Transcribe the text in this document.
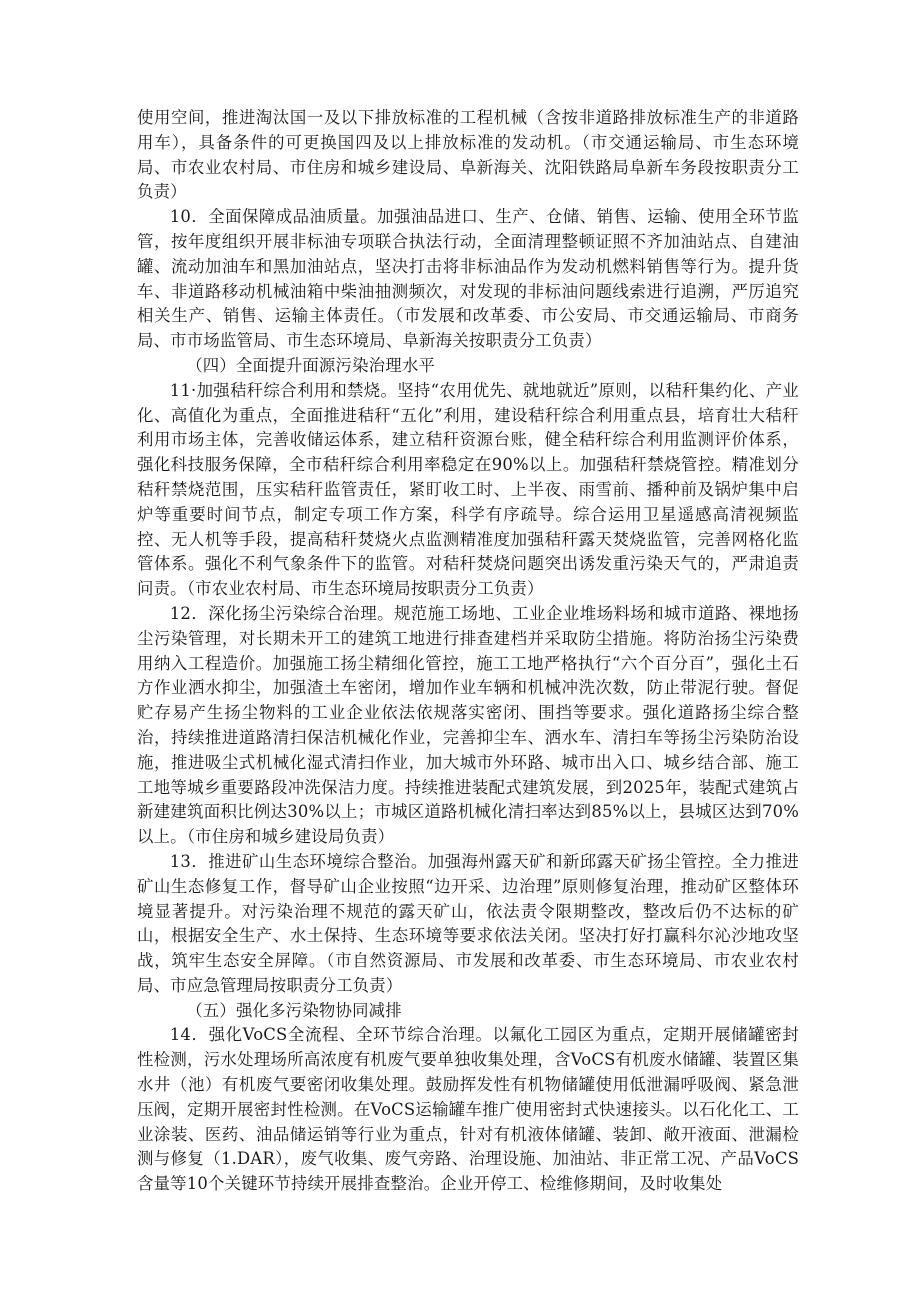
使用空间，推进淘汰国一及以下排放标准的工程机械（含按非道路排放标准生产的非道路用车），具备条件的可更换国四及以上排放标准的发动机。（市交通运输局、市生态环境局、市农业农村局、市住房和城乡建设局、阜新海关、沈阳铁路局阜新车务段按职责分工负责）

10．全面保障成品油质量。加强油品进口、生产、仓储、销售、运输、使用全环节监管，按年度组织开展非标油专项联合执法行动，全面清理整顿证照不齐加油站点、自建油罐、流动加油车和黑加油站点，坚决打击将非标油品作为发动机燃料销售等行为。提升货车、非道路移动机械油箱中柴油抽测频次，对发现的非标油问题线索进行追溯，严厉追究相关生产、销售、运输主体责任。（市发展和改革委、市公安局、市交通运输局、市商务局、市市场监管局、市生态环境局、阜新海关按职责分工负责）

（四）全面提升面源污染治理水平

11·加强秸秆综合利用和禁烧。坚持“农用优先、就地就近”原则，以秸秆集约化、产业化、高值化为重点，全面推进秸秆“五化”利用，建设秸秆综合利用重点县，培育壮大秸秆利用市场主体，完善收储运体系，建立秸秆资源台账，健全秸秆综合利用监测评价体系，强化科技服务保障，全市秸秆综合利用率稳定在90%以上。加强秸秆禁烧管控。精准划分秸秆禁烧范围，压实秸秆监管责任，紧盯收工时、上半夜、雨雪前、播种前及锅炉集中启炉等重要时间节点，制定专项工作方案，科学有序疏导。综合运用卫星遥感高清视频监控、无人机等手段，提高秸秆焚烧火点监测精准度加强秸秆露天焚烧监管，完善网格化监管体系。强化不利气象条件下的监管。对秸秆焚烧问题突出诱发重污染天气的，严肃追责问责。（市农业农村局、市生态环境局按职责分工负责）

12．深化扬尘污染综合治理。规范施工场地、工业企业堆场料场和城市道路、裸地扬尘污染管理，对长期未开工的建筑工地进行排查建档并采取防尘措施。将防治扬尘污染费用纳入工程造价。加强施工扬尘精细化管控，施工工地严格执行“六个百分百”，强化土石方作业洒水抑尘，加强渣土车密闭，增加作业车辆和机械冲洗次数，防止带泥行驶。督促贮存易产生扬尘物料的工业企业依法依规落实密闭、围挡等要求。强化道路扬尘综合整治，持续推进道路清扫保洁机械化作业，完善抑尘车、洒水车、清扫车等扬尘污染防治设施，推进吸尘式机械化湿式清扫作业，加大城市外环路、城市出入口、城乡结合部、施工工地等城乡重要路段冲洗保洁力度。持续推进装配式建筑发展，到2025年，装配式建筑占新建建筑面积比例达30%以上；市城区道路机械化清扫率达到85%以上，县城区达到70%以上。（市住房和城乡建设局负责）

13．推进矿山生态环境综合整治。加强海州露天矿和新邱露天矿扬尘管控。全力推进矿山生态修复工作，督导矿山企业按照“边开采、边治理”原则修复治理，推动矿区整体环境显著提升。对污染治理不规范的露天矿山，依法责令限期整改，整改后仍不达标的矿山，根据安全生产、水土保持、生态环境等要求依法关闭。坚决打好打赢科尔沁沙地攻坚战，筑牢生态安全屏障。（市自然资源局、市发展和改革委、市生态环境局、市农业农村局、市应急管理局按职责分工负责）

（五）强化多污染物协同减排

14．强化VoCS全流程、全环节综合治理。以氟化工园区为重点，定期开展储罐密封性检测，污水处理场所高浓度有机废气要单独收集处理，含VoCS有机废水储罐、装置区集水井（池）有机废气要密闭收集处理。鼓励挥发性有机物储罐使用低泄漏呼吸阀、紧急泄压阀，定期开展密封性检测。在VoCS运输罐车推广使用密封式快速接头。以石化化工、工业涂装、医药、油品储运销等行业为重点，针对有机液体储罐、装卸、敞开液面、泄漏检测与修复（1.DAR），废气收集、废气旁路、治理设施、加油站、非正常工况、产品VoCS含量等10个关键环节持续开展排查整治。企业开停工、检维修期间，及时收集处
